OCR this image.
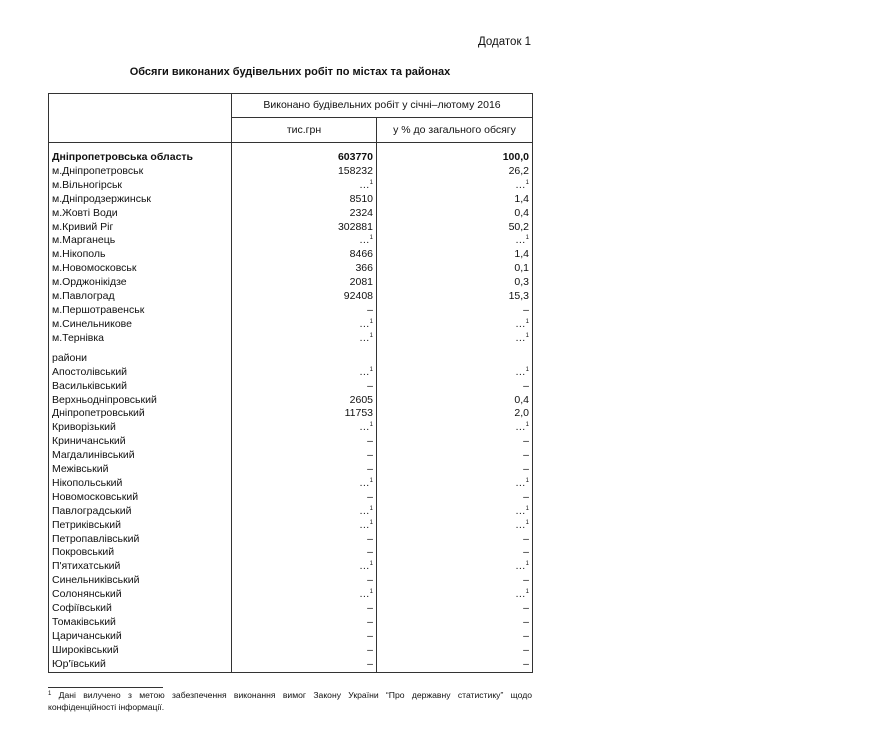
Додаток 1
Обсяги виконаних будівельних робіт по містах та районах
	Виконано будівельних робіт у січні–лютому 2016	
	тис.грн	у % до загального обсягу

Дніпропетровська область	603770	100,0
м.Дніпропетровськ	158232	26,2
м.Вільногірськ	…$^1$	…$^1$
м.Дніпродзержинськ	8510	1,4
м.Жовті Води	2324	0,4
м.Кривий Ріг	302881	50,2
м.Марганець	…$^1$	…$^1$
м.Нікополь	8466	1,4
м.Новомосковськ	366	0,1
м.Орджонікідзе	2081	0,3
м.Павлоград	92408	15,3
м.Першотравенськ	–	–
м.Синельникове	…$^1$	…$^1$
м.Тернівка	…$^1$	…$^1$

райони		
Апостолівський	…$^1$	…$^1$
Васильківський	–	–
Верхньодніпровський	2605	0,4
Дніпропетровський	11753	2,0
Криворізький	…$^1$	…$^1$
Криничанський	–	–
Магдалинівський	–	–
Межівський	–	–
Нікопольський	…$^1$	…$^1$
Новомосковський	–	–
Павлоградський	…$^1$	…$^1$
Петриківський	…$^1$	…$^1$
Петропавлівський	–	–
Покровський	–	–
П'ятихатський	…$^1$	…$^1$
Синельниківський	–	–
Солонянський	…$^1$	…$^1$
Софіївський	–	–
Томаківський	–	–
Царичанський	–	–
Широківський	–	–
Юр'ївський	–	–
$^1$ Дані вилучено з метою забезпечення виконання вимог Закону України “Про державну статистику” щодо конфіденційності інформації.
